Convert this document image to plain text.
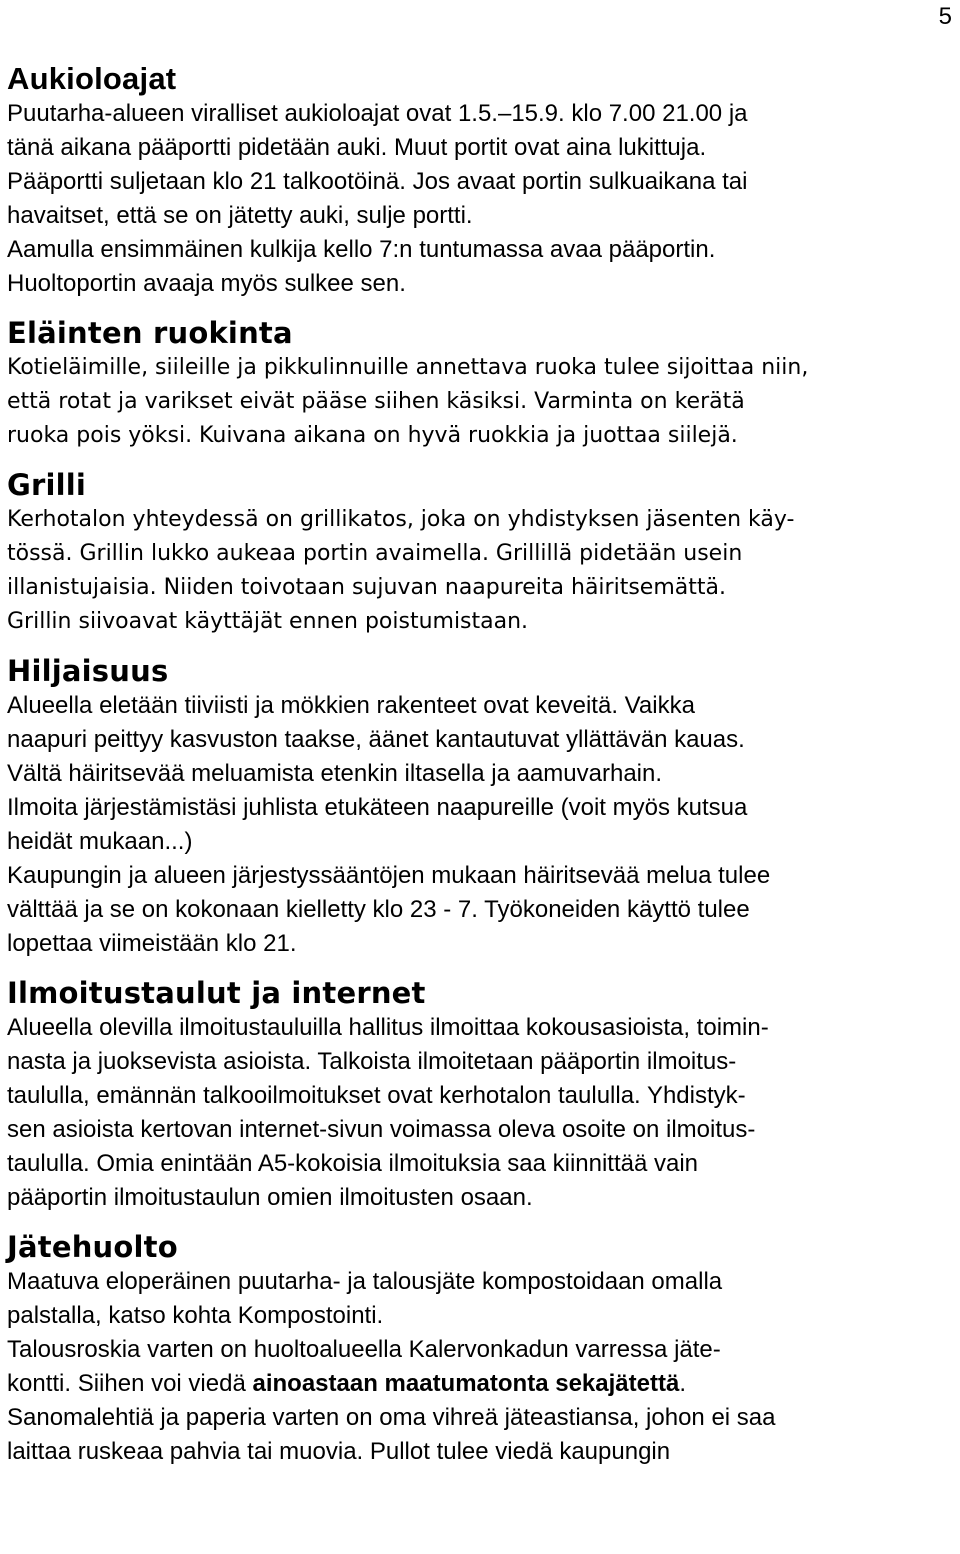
5
Aukioloajat

Puutarha-alueen viralliset aukioloajat ovat 1.5.–15.9. klo 7.00 21.00 ja

tänä aikana pääportti pidetään auki. Muut portit ovat aina lukittuja.

Pääportti suljetaan klo 21 talkootöinä. Jos avaat portin sulkuaikana tai

havaitset, että se on jätetty auki, sulje portti.

Aamulla ensimmäinen kulkija kello 7:n tuntumassa avaa pääportin.

Huoltoportin avaaja myös sulkee sen.

Eläinten ruokinta

Kotieläimille, siileille ja pikkulinnuille annettava ruoka tulee sijoittaa niin,

että rotat ja varikset eivät pääse siihen käsiksi. Varminta on kerätä

ruoka pois yöksi. Kuivana aikana on hyvä ruokkia ja juottaa siilejä.

Grilli

Kerhotalon yhteydessä on grillikatos, joka on yhdistyksen jäsenten käy-

tössä. Grillin lukko aukeaa portin avaimella. Grillillä pidetään usein

illanistujaisia. Niiden toivotaan sujuvan naapureita häiritsemättä.

Grillin siivoavat käyttäjät ennen poistumistaan.

Hiljaisuus

Alueella eletään tiiviisti ja mökkien rakenteet ovat keveitä. Vaikka

naapuri peittyy kasvuston taakse, äänet kantautuvat yllättävän kauas.

Vältä häiritsevää meluamista etenkin iltasella ja aamuvarhain.

Ilmoita järjestämistäsi juhlista etukäteen naapureille (voit myös kutsua

heidät mukaan...)

Kaupungin ja alueen järjestyssääntöjen mukaan häiritsevää melua tulee

välttää ja se on kokonaan kielletty klo 23 - 7. Työkoneiden käyttö tulee

lopettaa viimeistään klo 21.

Ilmoitustaulut ja internet

Alueella olevilla ilmoitustauluilla hallitus ilmoittaa kokousasioista, toimin-

nasta ja juoksevista asioista. Talkoista ilmoitetaan pääportin ilmoitus-

taululla, emännän talkooilmoitukset ovat kerhotalon taululla. Yhdistyk-

sen asioista kertovan internet-sivun voimassa oleva osoite on ilmoitus-

taululla. Omia enintään A5-kokoisia ilmoituksia saa kiinnittää vain

pääportin ilmoitustaulun omien ilmoitusten osaan.

Jätehuolto

Maatuva eloperäinen puutarha- ja talousjäte kompostoidaan omalla

palstalla, katso kohta Kompostointi.

Talousroskia varten on huoltoalueella Kalervonkadun varressa jäte-

kontti. Siihen voi viedä ainoastaan maatumatonta sekajätettä.

Sanomalehtiä ja paperia varten on oma vihreä jäteastiansa, johon ei saa

laittaa ruskeaa pahvia tai muovia. Pullot tulee viedä kaupungin
